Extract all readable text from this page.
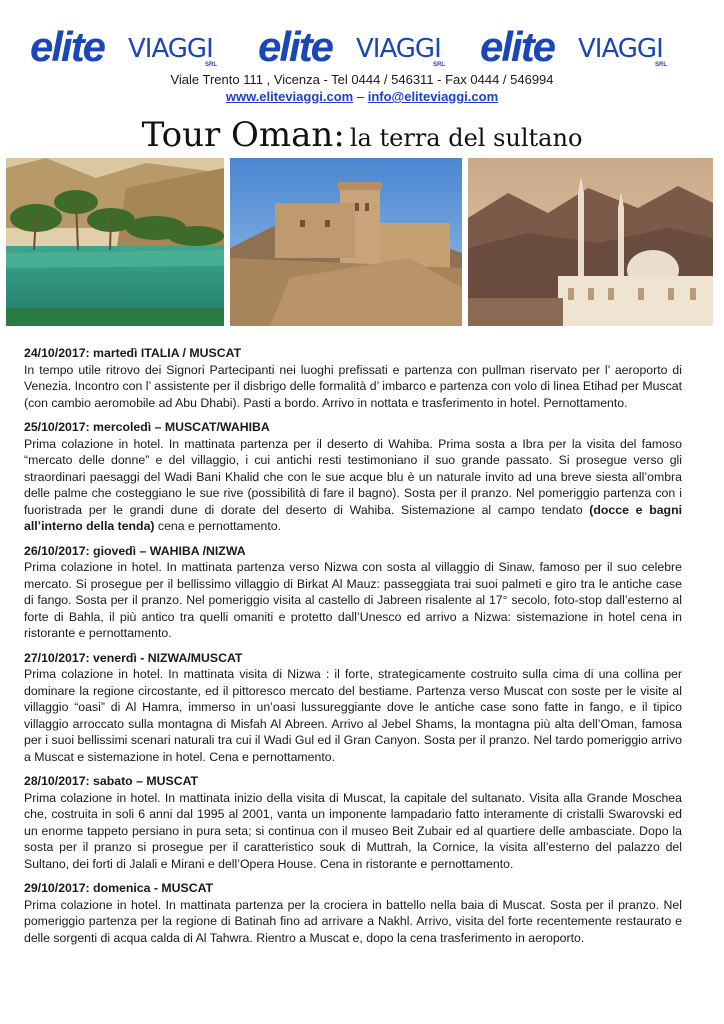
elite VIAGGI
SRL elite VIAGGI
SRL elite VIAGGI
SRL
Viale Trento 111 , Vicenza - Tel 0444 / 546311 - Fax 0444 / 546994
www.eliteviaggi.com – info@eliteviaggi.com
Tour Oman: la terra del sultano
24/10/2017: martedì ITALIA / MUSCAT
In tempo utile ritrovo dei Signori Partecipanti nei luoghi prefissati e partenza con pullman riservato per l’ aeroporto di Venezia. Incontro con l’ assistente per il disbrigo delle formalità d’ imbarco e partenza con volo di linea Etihad per Muscat (con cambio aeromobile ad Abu Dhabi). Pasti a bordo. Arrivo in nottata e trasferimento in hotel. Pernottamento.
25/10/2017: mercoledì – MUSCAT/WAHIBA
Prima colazione in hotel. In mattinata partenza per il deserto di Wahiba. Prima sosta a Ibra per la visita del famoso “mercato delle donne” e del villaggio, i cui antichi resti testimoniano il suo grande passato. Si prosegue verso gli straordinari paesaggi del Wadi Bani Khalid che con le sue acque blu è un naturale invito ad una breve siesta all’ombra delle palme che costeggiano le sue rive (possibilità di fare il bagno). Sosta per il pranzo. Nel pomeriggio partenza con i fuoristrada per le grandi dune di dorate del deserto di Wahiba. Sistemazione al campo tendato (docce e bagni all’interno della tenda) cena e pernottamento.
26/10/2017: giovedì – WAHIBA /NIZWA
Prima colazione in hotel. In mattinata partenza verso Nizwa con sosta al villaggio di Sinaw, famoso per il suo celebre mercato. Si prosegue per il bellissimo villaggio di Birkat Al Mauz: passeggiata trai suoi palmeti e giro tra le antiche case di fango. Sosta per il pranzo. Nel pomeriggio visita al castello di Jabreen risalente al 17° secolo, foto-stop dall’esterno al forte di Bahla, il più antico tra quelli omaniti e protetto dall’Unesco ed arrivo a Nizwa: sistemazione in hotel cena in ristorante e pernottamento.
27/10/2017: venerdì - NIZWA/MUSCAT
Prima colazione in hotel. In mattinata visita di Nizwa : il forte, strategicamente costruito sulla cima di una collina per dominare la regione circostante, ed il pittoresco mercato del bestiame. Partenza verso Muscat con soste per le visite al villaggio “oasi” di Al Hamra, immerso in un’oasi lussureggiante dove le antiche case sono fatte in fango, e il tipico villaggio arroccato sulla montagna di Misfah Al Abreen. Arrivo al Jebel Shams, la montagna più alta dell’Oman, famosa per i suoi bellissimi scenari naturali tra cui il Wadi Gul ed il Gran Canyon. Sosta per il pranzo. Nel tardo pomeriggio arrivo a Muscat e sistemazione in hotel. Cena e pernottamento.
28/10/2017: sabato – MUSCAT
Prima colazione in hotel. In mattinata inizio della visita di Muscat, la capitale del sultanato. Visita alla Grande Moschea che, costruita in soli 6 anni dal 1995 al 2001, vanta un imponente lampadario fatto interamente di cristalli Swarovski ed un enorme tappeto persiano in pura seta; si continua con il museo Beit Zubair ed al quartiere delle ambasciate. Dopo la sosta per il pranzo si prosegue per il caratteristico souk di Muttrah, la Cornice, la visita all’esterno del palazzo del Sultano, dei forti di Jalali e Mirani e dell’Opera House. Cena in ristorante e pernottamento.
29/10/2017: domenica - MUSCAT
Prima colazione in hotel. In mattinata partenza per la crociera in battello nella baia di Muscat. Sosta per il pranzo. Nel pomeriggio partenza per la regione di Batinah fino ad arrivare a Nakhl. Arrivo, visita del forte recentemente restaurato e delle sorgenti di acqua calda di Al Tahwra. Rientro a Muscat e, dopo la cena trasferimento in aeroporto.
